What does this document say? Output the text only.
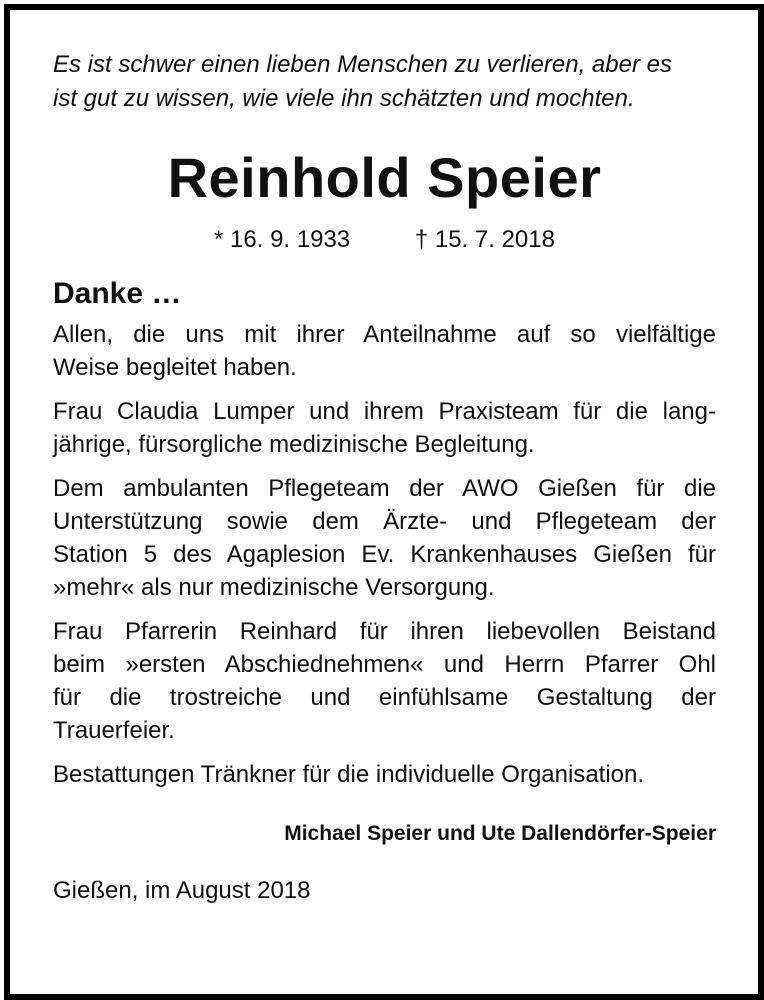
Es ist schwer einen lieben Menschen zu verlieren, aber es
ist gut zu wissen, wie viele ihn schätzten und mochten.

Reinhold Speier
* 16. 9. 1933	† 15. 7. 2018
Danke …

Allen, die uns mit ihrer Anteilnahme auf so vielfältige
Weise begleitet haben.

Frau Claudia Lumper und ihrem Praxisteam für die lang-
jährige, fürsorgliche medizinische Begleitung.

Dem ambulanten Pflegeteam der AWO Gießen für die
Unterstützung sowie dem Ärzte- und Pflegeteam der
Station 5 des Agaplesion Ev. Krankenhauses Gießen für
»mehr« als nur medizinische Versorgung.

Frau Pfarrerin Reinhard für ihren liebevollen Beistand
beim »ersten Abschiednehmen« und Herrn Pfarrer Ohl
für die trostreiche und einfühlsame Gestaltung der
Trauerfeier.

Bestattungen Tränkner für die individuelle Organisation.

Michael Speier und Ute Dallendörfer-Speier
Gießen, im August 2018
